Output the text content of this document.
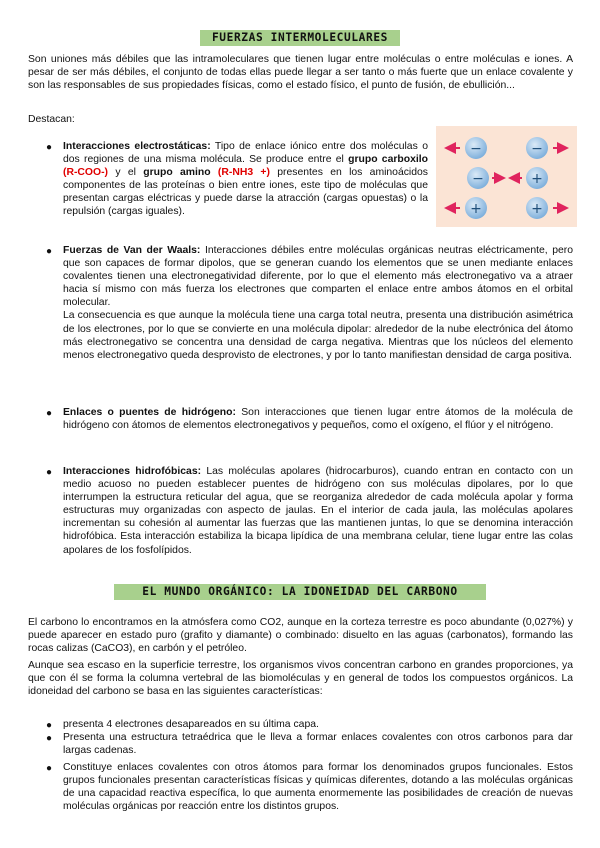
FUERZAS INTERMOLECULARES
Son uniones más débiles que las intramoleculares que tienen lugar entre moléculas o entre moléculas e iones. A pesar de ser más débiles, el conjunto de todas ellas puede llegar a ser tanto o más fuerte que un enlace covalente y son las responsables de sus propiedades físicas, como el estado físico, el punto de fusión, de ebullición...
Destacan:
● Interacciones electrostáticas: Tipo de enlace iónico entre dos moléculas o dos regiones de una misma molécula. Se produce entre el grupo carboxilo (R-COO-) y el grupo amino (R-NH3 +) presentes en los aminoácidos componentes de las proteínas o bien entre iones, este tipo de moléculas que presentan cargas eléctricas y puede darse la atracción (cargas opuestas) o la repulsión (cargas iguales).
−	−
−	+
+	+
● Fuerzas de Van der Waals: Interacciones débiles entre moléculas orgánicas neutras eléctricamente, pero que son capaces de formar dipolos, que se generan cuando los elementos que se unen mediante enlaces covalentes tienen una electronegatividad diferente, por lo que el elemento más electronegativo va a atraer hacia sí mismo con más fuerza los electrones que comparten el enlace entre ambos átomos en el orbital molecular.
La consecuencia es que aunque la molécula tiene una carga total neutra, presenta una distribución asimétrica de los electrones, por lo que se convierte en una molécula dipolar: alrededor de la nube electrónica del átomo más electronegativo se concentra una densidad de carga negativa. Mientras que los núcleos del elemento menos electronegativo queda desprovisto de electrones, y por lo tanto manifiestan densidad de carga positiva.
● Enlaces o puentes de hidrógeno: Son interacciones que tienen lugar entre átomos de la molécula de hidrógeno con átomos de elementos electronegativos y pequeños, como el oxígeno, el flúor y el nitrógeno.
● Interacciones hidrofóbicas: Las moléculas apolares (hidrocarburos), cuando entran en contacto con un medio acuoso no pueden establecer puentes de hidrógeno con sus moléculas dipolares, por lo que interrumpen la estructura reticular del agua, que se reorganiza alrededor de cada molécula apolar y forma estructuras muy organizadas con aspecto de jaulas. En el interior de cada jaula, las moléculas apolares incrementan su cohesión al aumentar las fuerzas que las mantienen juntas, lo que se denomina interacción hidrofóbica. Esta interacción estabiliza la bicapa lipídica de una membrana celular, tiene lugar entre las colas apolares de los fosfolípidos.
EL MUNDO ORGÁNICO: LA IDONEIDAD DEL CARBONO
El carbono lo encontramos en la atmósfera como CO2, aunque en la corteza terrestre es poco abundante (0,027%) y puede aparecer en estado puro (grafito y diamante) o combinado: disuelto en las aguas (carbonatos), formando las rocas calizas (CaCO3), en carbón y el petróleo.
Aunque sea escaso en la superficie terrestre, los organismos vivos concentran carbono en grandes proporciones, ya que con él se forma la columna vertebral de las biomoléculas y en general de todos los compuestos orgánicos. La idoneidad del carbono se basa en las siguientes características:
● presenta 4 electrones desapareados en su última capa.
● Presenta una estructura tetraédrica que le lleva a formar enlaces covalentes con otros carbonos para dar largas cadenas.
● Constituye enlaces covalentes con otros átomos para formar los denominados grupos funcionales. Estos grupos funcionales presentan características físicas y químicas diferentes, dotando a las moléculas orgánicas de una capacidad reactiva específica, lo que aumenta enormemente las posibilidades de creación de nuevas moléculas orgánicas por reacción entre los distintos grupos.
